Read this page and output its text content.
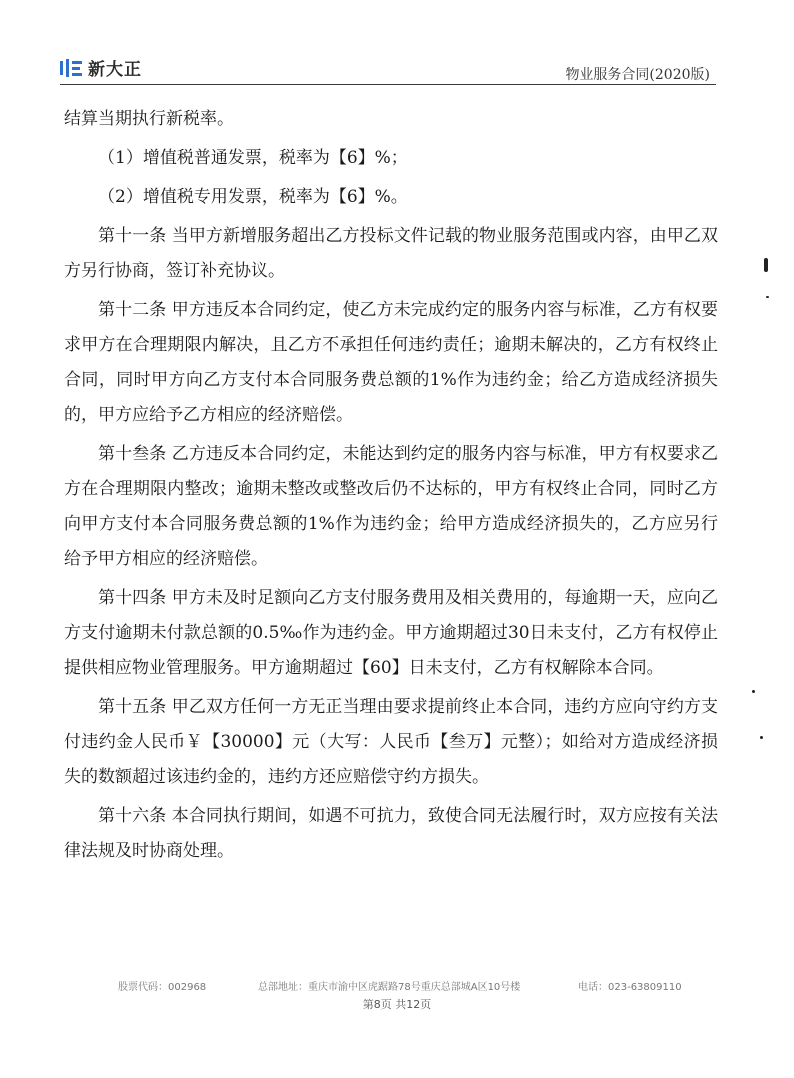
新大正	物业服务合同(2020版)

结算当期执行新税率。

（1）增值税普通发票，税率为【6】%；

（2）增值税专用发票，税率为【6】%。

第十一条 当甲方新增服务超出乙方投标文件记载的物业服务范围或内容，由甲乙双方另行协商，签订补充协议。

第十二条 甲方违反本合同约定，使乙方未完成约定的服务内容与标准，乙方有权要求甲方在合理期限内解决，且乙方不承担任何违约责任；逾期未解决的，乙方有权终止合同，同时甲方向乙方支付本合同服务费总额的1%作为违约金；给乙方造成经济损失的，甲方应给予乙方相应的经济赔偿。

第十叁条 乙方违反本合同约定，未能达到约定的服务内容与标准，甲方有权要求乙方在合理期限内整改；逾期未整改或整改后仍不达标的，甲方有权终止合同，同时乙方向甲方支付本合同服务费总额的1%作为违约金；给甲方造成经济损失的，乙方应另行给予甲方相应的经济赔偿。

第十四条 甲方未及时足额向乙方支付服务费用及相关费用的，每逾期一天，应向乙方支付逾期未付款总额的0.5‰作为违约金。甲方逾期超过30日未支付，乙方有权停止提供相应物业管理服务。甲方逾期超过【60】日未支付，乙方有权解除本合同。

第十五条 甲乙双方任何一方无正当理由要求提前终止本合同，违约方应向守约方支付违约金人民币￥【30000】元（大写：人民币【叁万】元整）；如给对方造成经济损失的数额超过该违约金的，违约方还应赔偿守约方损失。

第十六条 本合同执行期间，如遇不可抗力，致使合同无法履行时，双方应按有关法律法规及时协商处理。

股票代码：002968	总部地址：重庆市渝中区虎踞路78号重庆总部城A区10号楼	电话：023-63809110
第8页 共12页
